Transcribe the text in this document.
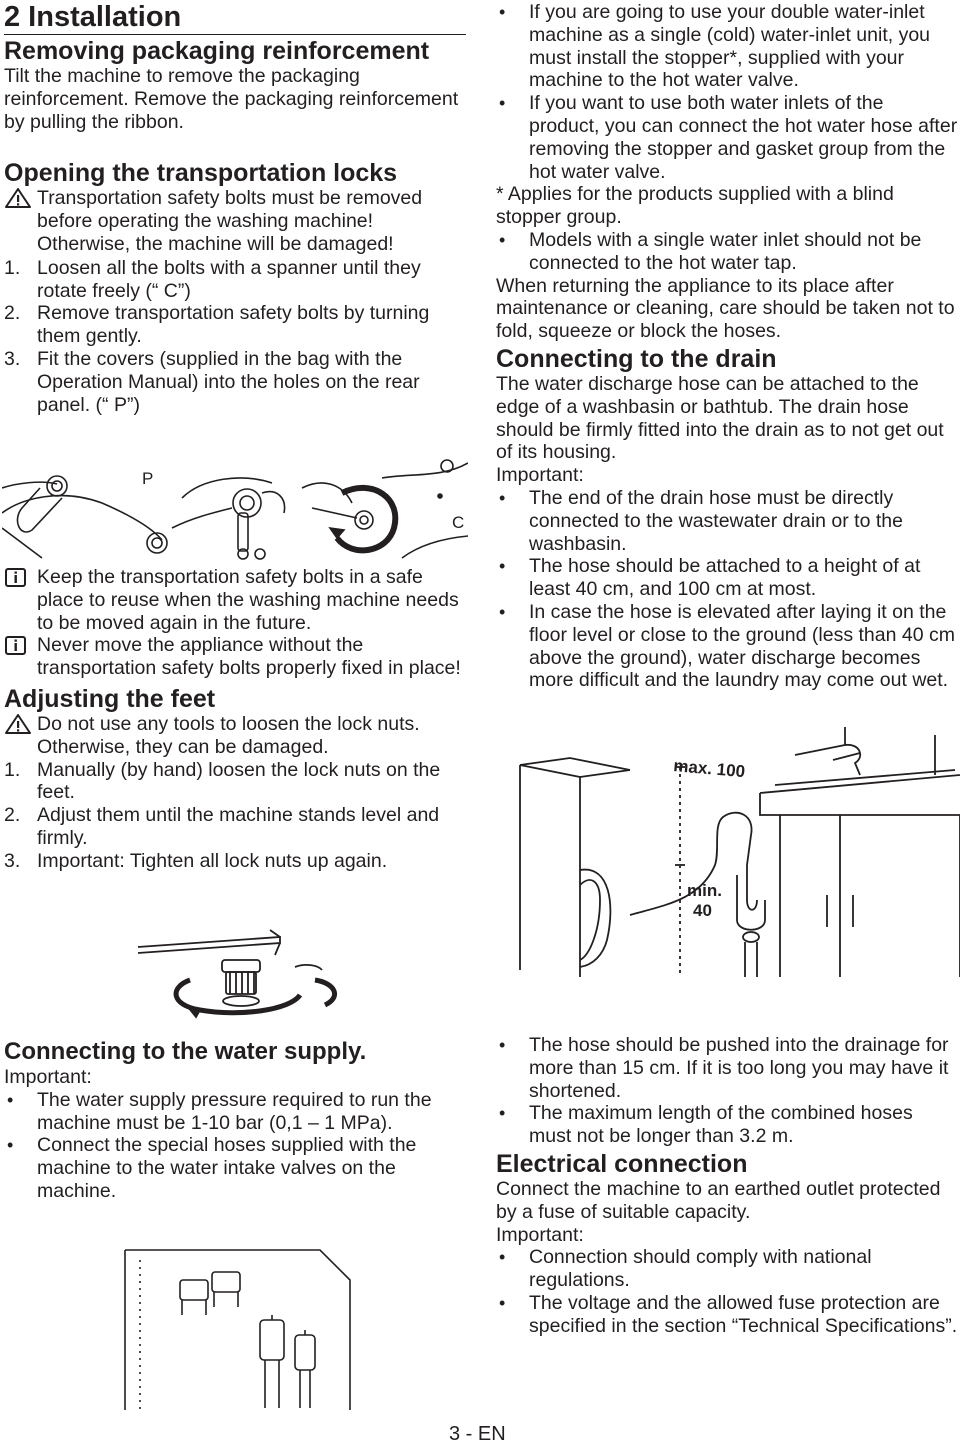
2 Installation
Removing packaging reinforcement

Tilt the machine to remove the packaging reinforcement. Remove the packaging reinforcement by pulling the ribbon.

Opening the transportation locks
Transportation safety bolts must be removed before operating the washing machine! Otherwise, the machine will be damaged!
1. Loosen all the bolts with a spanner until they rotate freely (“ C”)
2. Remove transportation safety bolts by turning them gently.
3. Fit the covers (supplied in the bag with the Operation Manual) into the holes on the rear panel. (“ P”)
P
C
Keep the transportation safety bolts in a safe place to reuse when the washing machine needs to be moved again in the future.
Never move the appliance without the transportation safety bolts properly fixed in place!
Adjusting the feet
Do not use any tools to loosen the lock nuts. Otherwise, they can be damaged.
1. Manually (by hand) loosen the lock nuts on the feet.
2. Adjust them until the machine stands level and firmly.
3. Important: Tighten all lock nuts up again.
Connecting to the water supply.

Important:

• The water supply pressure required to run the machine must be 1-10 bar (0,1 – 1 MPa).
• Connect the special hoses supplied with the machine to the water intake valves on the machine.
• If you are going to use your double water-inlet machine as a single (cold) water-inlet unit, you must install the stopper*, supplied with your machine to the hot water valve.
• If you want to use both water inlets of the product, you can connect the hot water hose after removing the stopper and gasket group from the hot water valve.

* Applies for the products supplied with a blind stopper group.

• Models with a single water inlet should not be connected to the hot water tap.

When returning the appliance to its place after maintenance or cleaning, care should be taken not to fold, squeeze or block the hoses.

Connecting to the drain

The water discharge hose can be attached to the edge of a washbasin or bathtub. The drain hose should be firmly fitted into the drain as to not get out of its housing.

Important:

• The end of the drain hose must be directly connected to the wastewater drain or to the washbasin.
• The hose should be attached to a height of at least 40 cm, and 100 cm at most.
• In case the hose is elevated after laying it on the floor level or close to the ground (less than 40 cm above the ground), water discharge becomes more difficult and the laundry may come out wet.
max. 100
min.
40
• The hose should be pushed into the drainage for more than 15 cm. If it is too long you may have it shortened.
• The maximum length of the combined hoses must not be longer than 3.2 m.
Electrical connection

Connect the machine to an earthed outlet protected by a fuse of suitable capacity.

Important:

• Connection should comply with national regulations.
• The voltage and the allowed fuse protection are specified in the section “Technical Specifications”.
3 - EN
